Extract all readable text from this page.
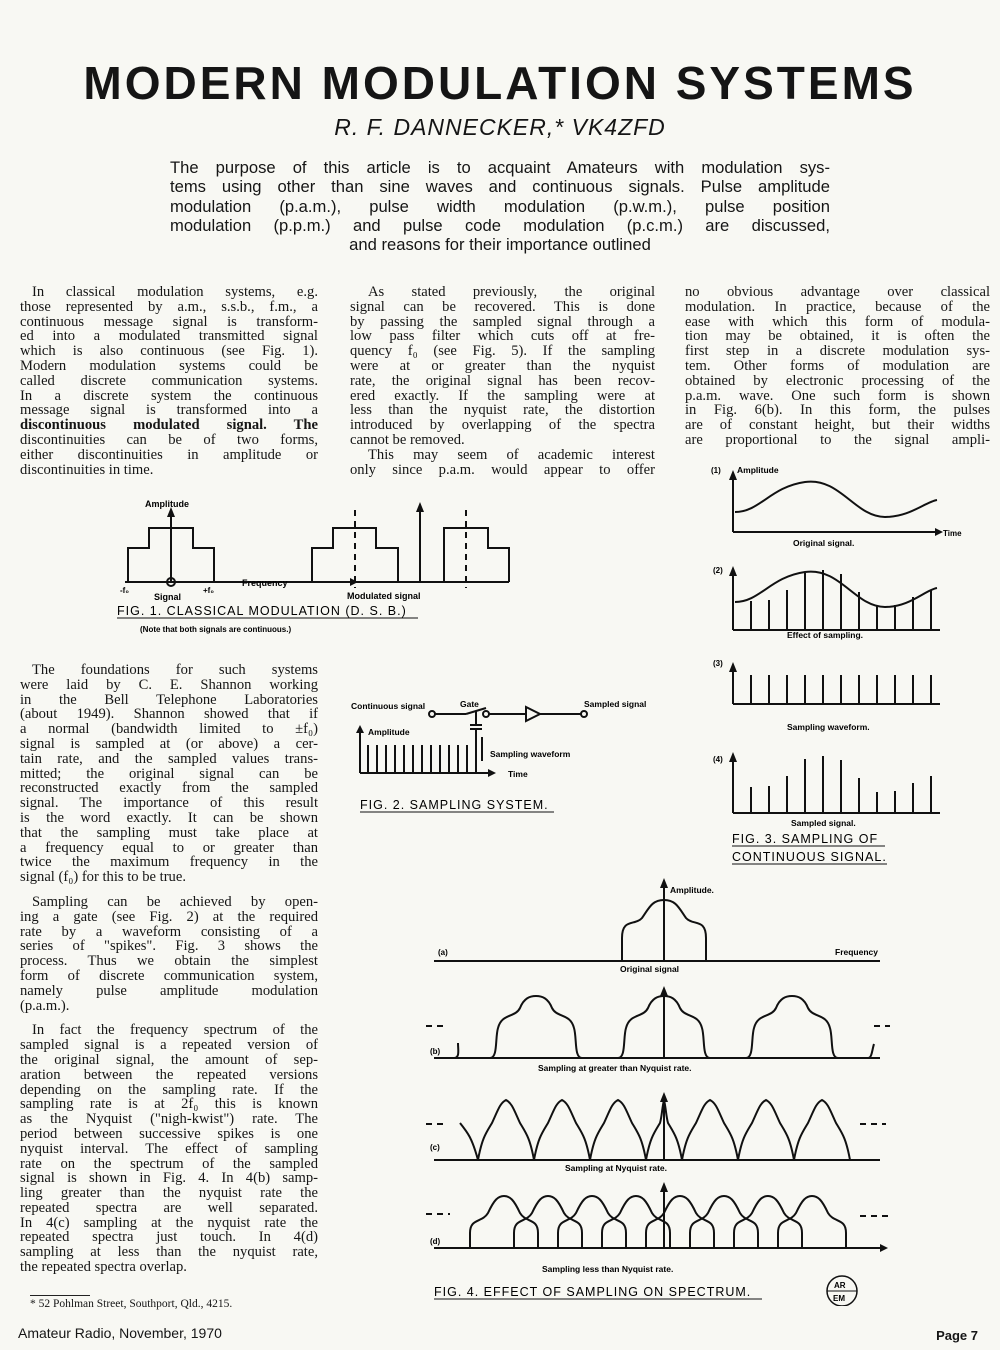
MODERN MODULATION SYSTEMS
R. F. DANNECKER,* VK4ZFD
The purpose of this article is to acquaint Amateurs with modulation sys-
tems using other than sine waves and continuous signals. Pulse amplitude
modulation (p.a.m.), pulse width modulation (p.w.m.), pulse position
modulation (p.p.m.) and pulse code modulation (p.c.m.) are discussed,
and reasons for their importance outlined
In classical modulation systems, e.g.
those represented by a.m., s.s.b., f.m., a
continuous message signal is transform-
ed into a modulated transmitted signal
which is also continuous (see Fig. 1).
Modern modulation systems could be
called discrete communication systems.
In a discrete system the continuous
message signal is transformed into a
discontinuous modulated signal. The
discontinuities can be of two forms,
either discontinuities in amplitude or
discontinuities in time.
As stated previously, the original
signal can be recovered. This is done
by passing the sampled signal through a
low pass filter which cuts off at fre-
quency f₀ (see Fig. 5). If the sampling
were at or greater than the nyquist
rate, the original signal has been recov-
ered exactly. If the sampling were at
less than the nyquist rate, the distortion
introduced by overlapping of the spectra
cannot be removed.
This may seem of academic interest
only since p.a.m. would appear to offer
no obvious advantage over classical
modulation. In practice, because of the
ease with which this form of modula-
tion may be obtained, it is often the
first step in a discrete modulation sys-
tem. Other forms of modulation are
obtained by electronic processing of the
p.a.m. wave. One such form is shown
in Fig. 6(b). In this form, the pulses
are of constant height, but their widths
are proportional to the signal ampli-
The foundations for such systems
were laid by C. E. Shannon working
in the Bell Telephone Laboratories
(about 1949). Shannon showed that if
a normal (bandwidth limited to ±f₀)
signal is sampled at (or above) a cer-
tain rate, and the sampled values trans-
mitted; the original signal can be
reconstructed exactly from the sampled
signal. The importance of this result
is the word exactly. It can be shown
that the sampling must take place at
a frequency equal to or greater than
twice the maximum frequency in the
signal (f₀) for this to be true.
Sampling can be achieved by open-
ing a gate (see Fig. 2) at the required
rate by a waveform consisting of a
series of "spikes". Fig. 3 shows the
process. Thus we obtain the simplest
form of discrete communication system,
namely pulse amplitude modulation
(p.a.m.).
In fact the frequency spectrum of the
sampled signal is a repeated version of
the original signal, the amount of sep-
aration between the repeated versions
depending on the sampling rate. If the
sampling rate is at 2f₀ this is known
as the Nyquist ("nigh-kwist") rate. The
period between successive spikes is one
nyquist interval. The effect of sampling
rate on the spectrum of the sampled
signal is shown in Fig. 4. In 4(b) samp-
ling greater than the nyquist rate the
repeated spectra are well separated.
In 4(c) sampling at the nyquist rate the
repeated spectra just touch. In 4(d)
sampling at less than the nyquist rate,
the repeated spectra overlap.
Amplitude
Frequency
-f₀	+f₀
Signal	Modulated signal
FIG. 1. CLASSICAL MODULATION (D. S. B.)
(Note that both signals are continuous.)
Continuous signal	Gate	Sampled signal
Amplitude
Sampling waveform
Time
FIG. 2. SAMPLING SYSTEM.
(1) Amplitude
Time
Original signal.
(2)
Effect of sampling.
(3)
Sampling waveform.
(4)
Sampled signal.
FIG. 3. SAMPLING OF
CONTINUOUS SIGNAL.
Amplitude.
Frequency
(a)
Original signal
(b)
Sampling at greater than Nyquist rate.
(c)
Sampling at Nyquist rate.
(d)
Sampling less than Nyquist rate.
FIG. 4. EFFECT OF SAMPLING ON SPECTRUM.	AR
EM
* 52 Pohlman Street, Southport, Qld., 4215.
Amateur Radio, November, 1970	Page 7
